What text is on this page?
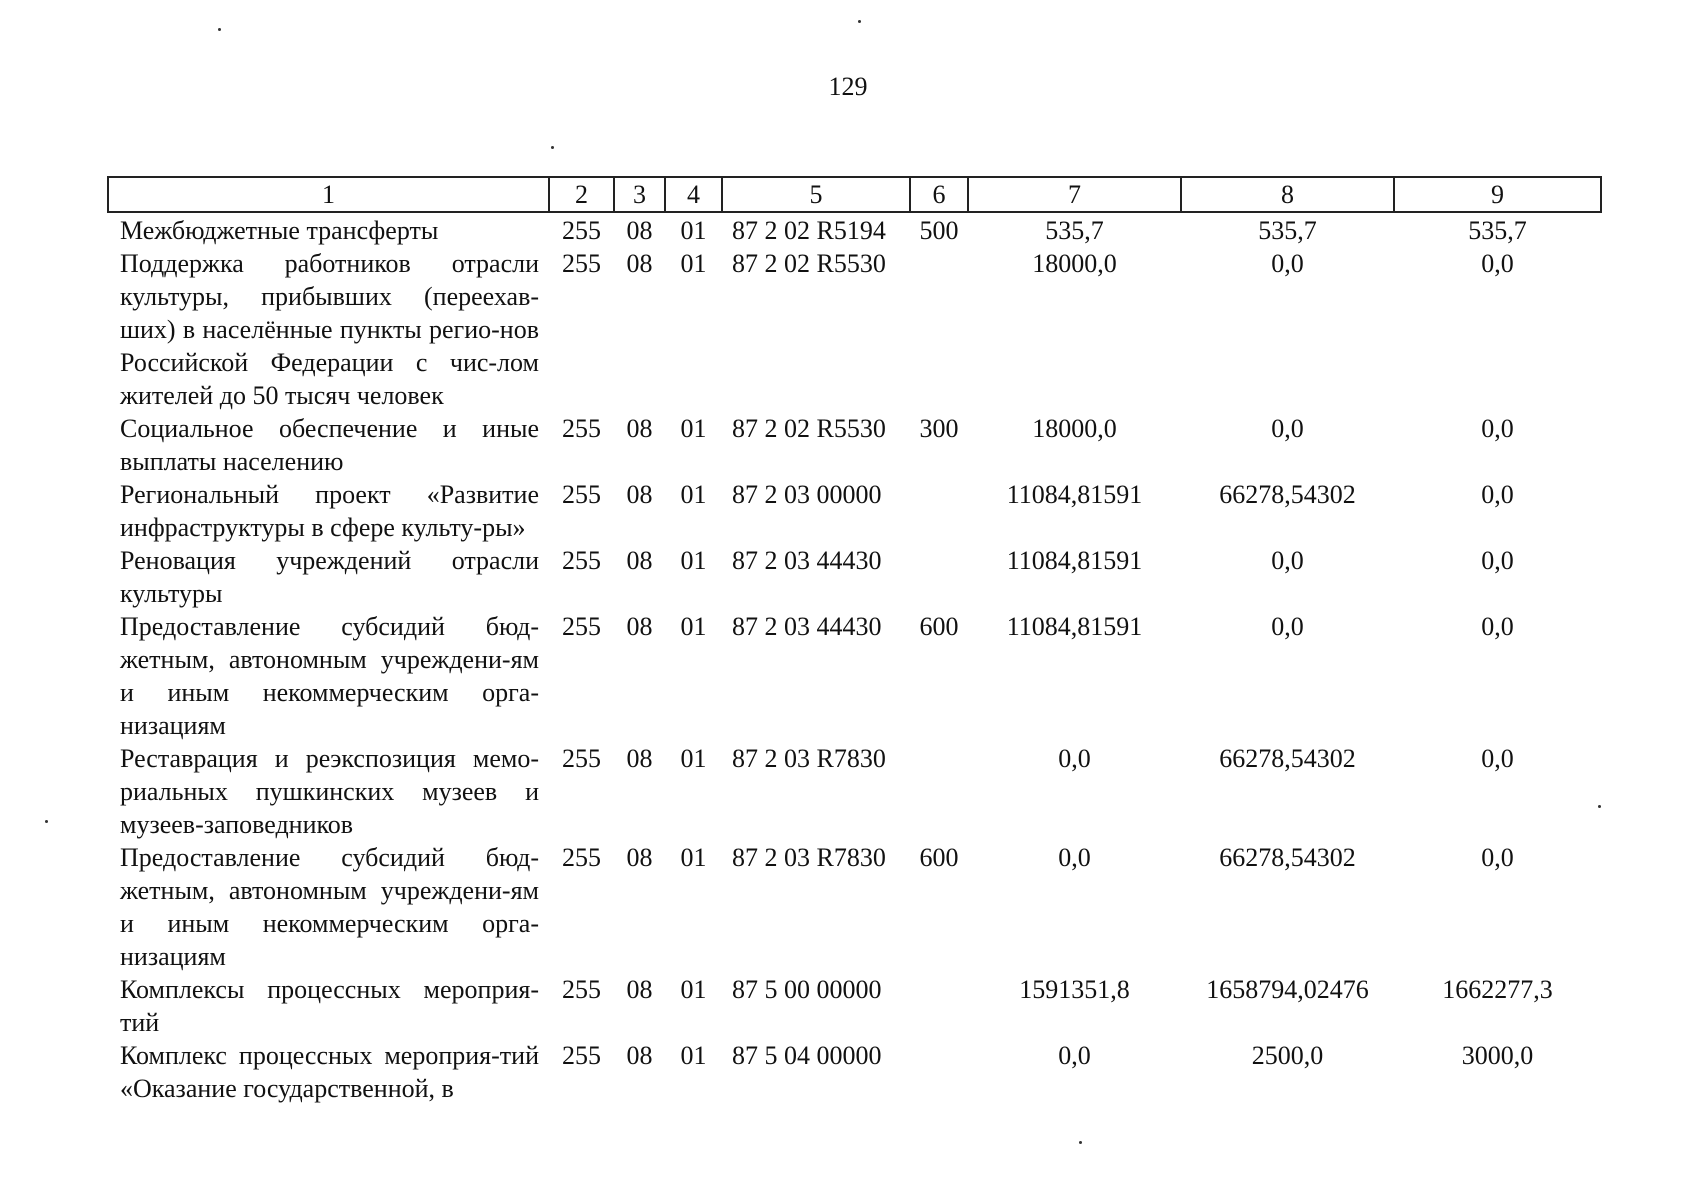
129
1	2	3	4	5	6	7	8	9
Межбюджетные трансферты	255	08	01	87 2 02 R5194	500	535,7	535,7	535,7
Поддержка работников отрасли культуры, прибывших (переехав-ших) в населённые пункты регио-нов Российской Федерации с чис-лом жителей до 50 тысяч человек	255	08	01	87 2 02 R5530		18000,0	0,0	0,0
Социальное обеспечение и иные выплаты населению	255	08	01	87 2 02 R5530	300	18000,0	0,0	0,0
Региональный проект «Развитие инфраструктуры в сфере культу-ры»	255	08	01	87 2 03 00000		11084,81591	66278,54302	0,0
Реновация учреждений отрасли культуры	255	08	01	87 2 03 44430		11084,81591	0,0	0,0
Предоставление субсидий бюд-жетным, автономным учреждени-ям и иным некоммерческим орга-низациям	255	08	01	87 2 03 44430	600	11084,81591	0,0	0,0
Реставрация и реэкспозиция мемо-риальных пушкинских музеев и музеев-заповедников	255	08	01	87 2 03 R7830		0,0	66278,54302	0,0
Предоставление субсидий бюд-жетным, автономным учреждени-ям и иным некоммерческим орга-низациям	255	08	01	87 2 03 R7830	600	0,0	66278,54302	0,0
Комплексы процессных мероприя-тий	255	08	01	87 5 00 00000		1591351,8	1658794,02476	1662277,3
Комплекс процессных мероприя-тий «Оказание государственной, в	255	08	01	87 5 04 00000		0,0	2500,0	3000,0
